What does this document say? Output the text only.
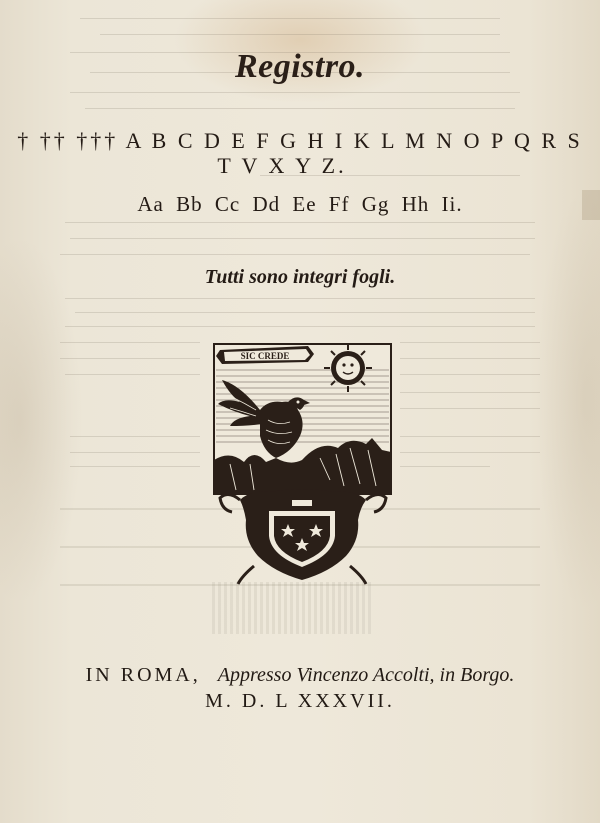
Registro.
† †† ††† A B C D E F G H I K L M N O P Q R S
T V X Y Z.
Aa Bb Cc Dd Ee Ff Gg Hh Ii.
Tutti sono integri fogli.
SIC CREDE
IN ROMA, Appresso Vincenzo Accolti, in Borgo.
M. D. L XXXVII.
